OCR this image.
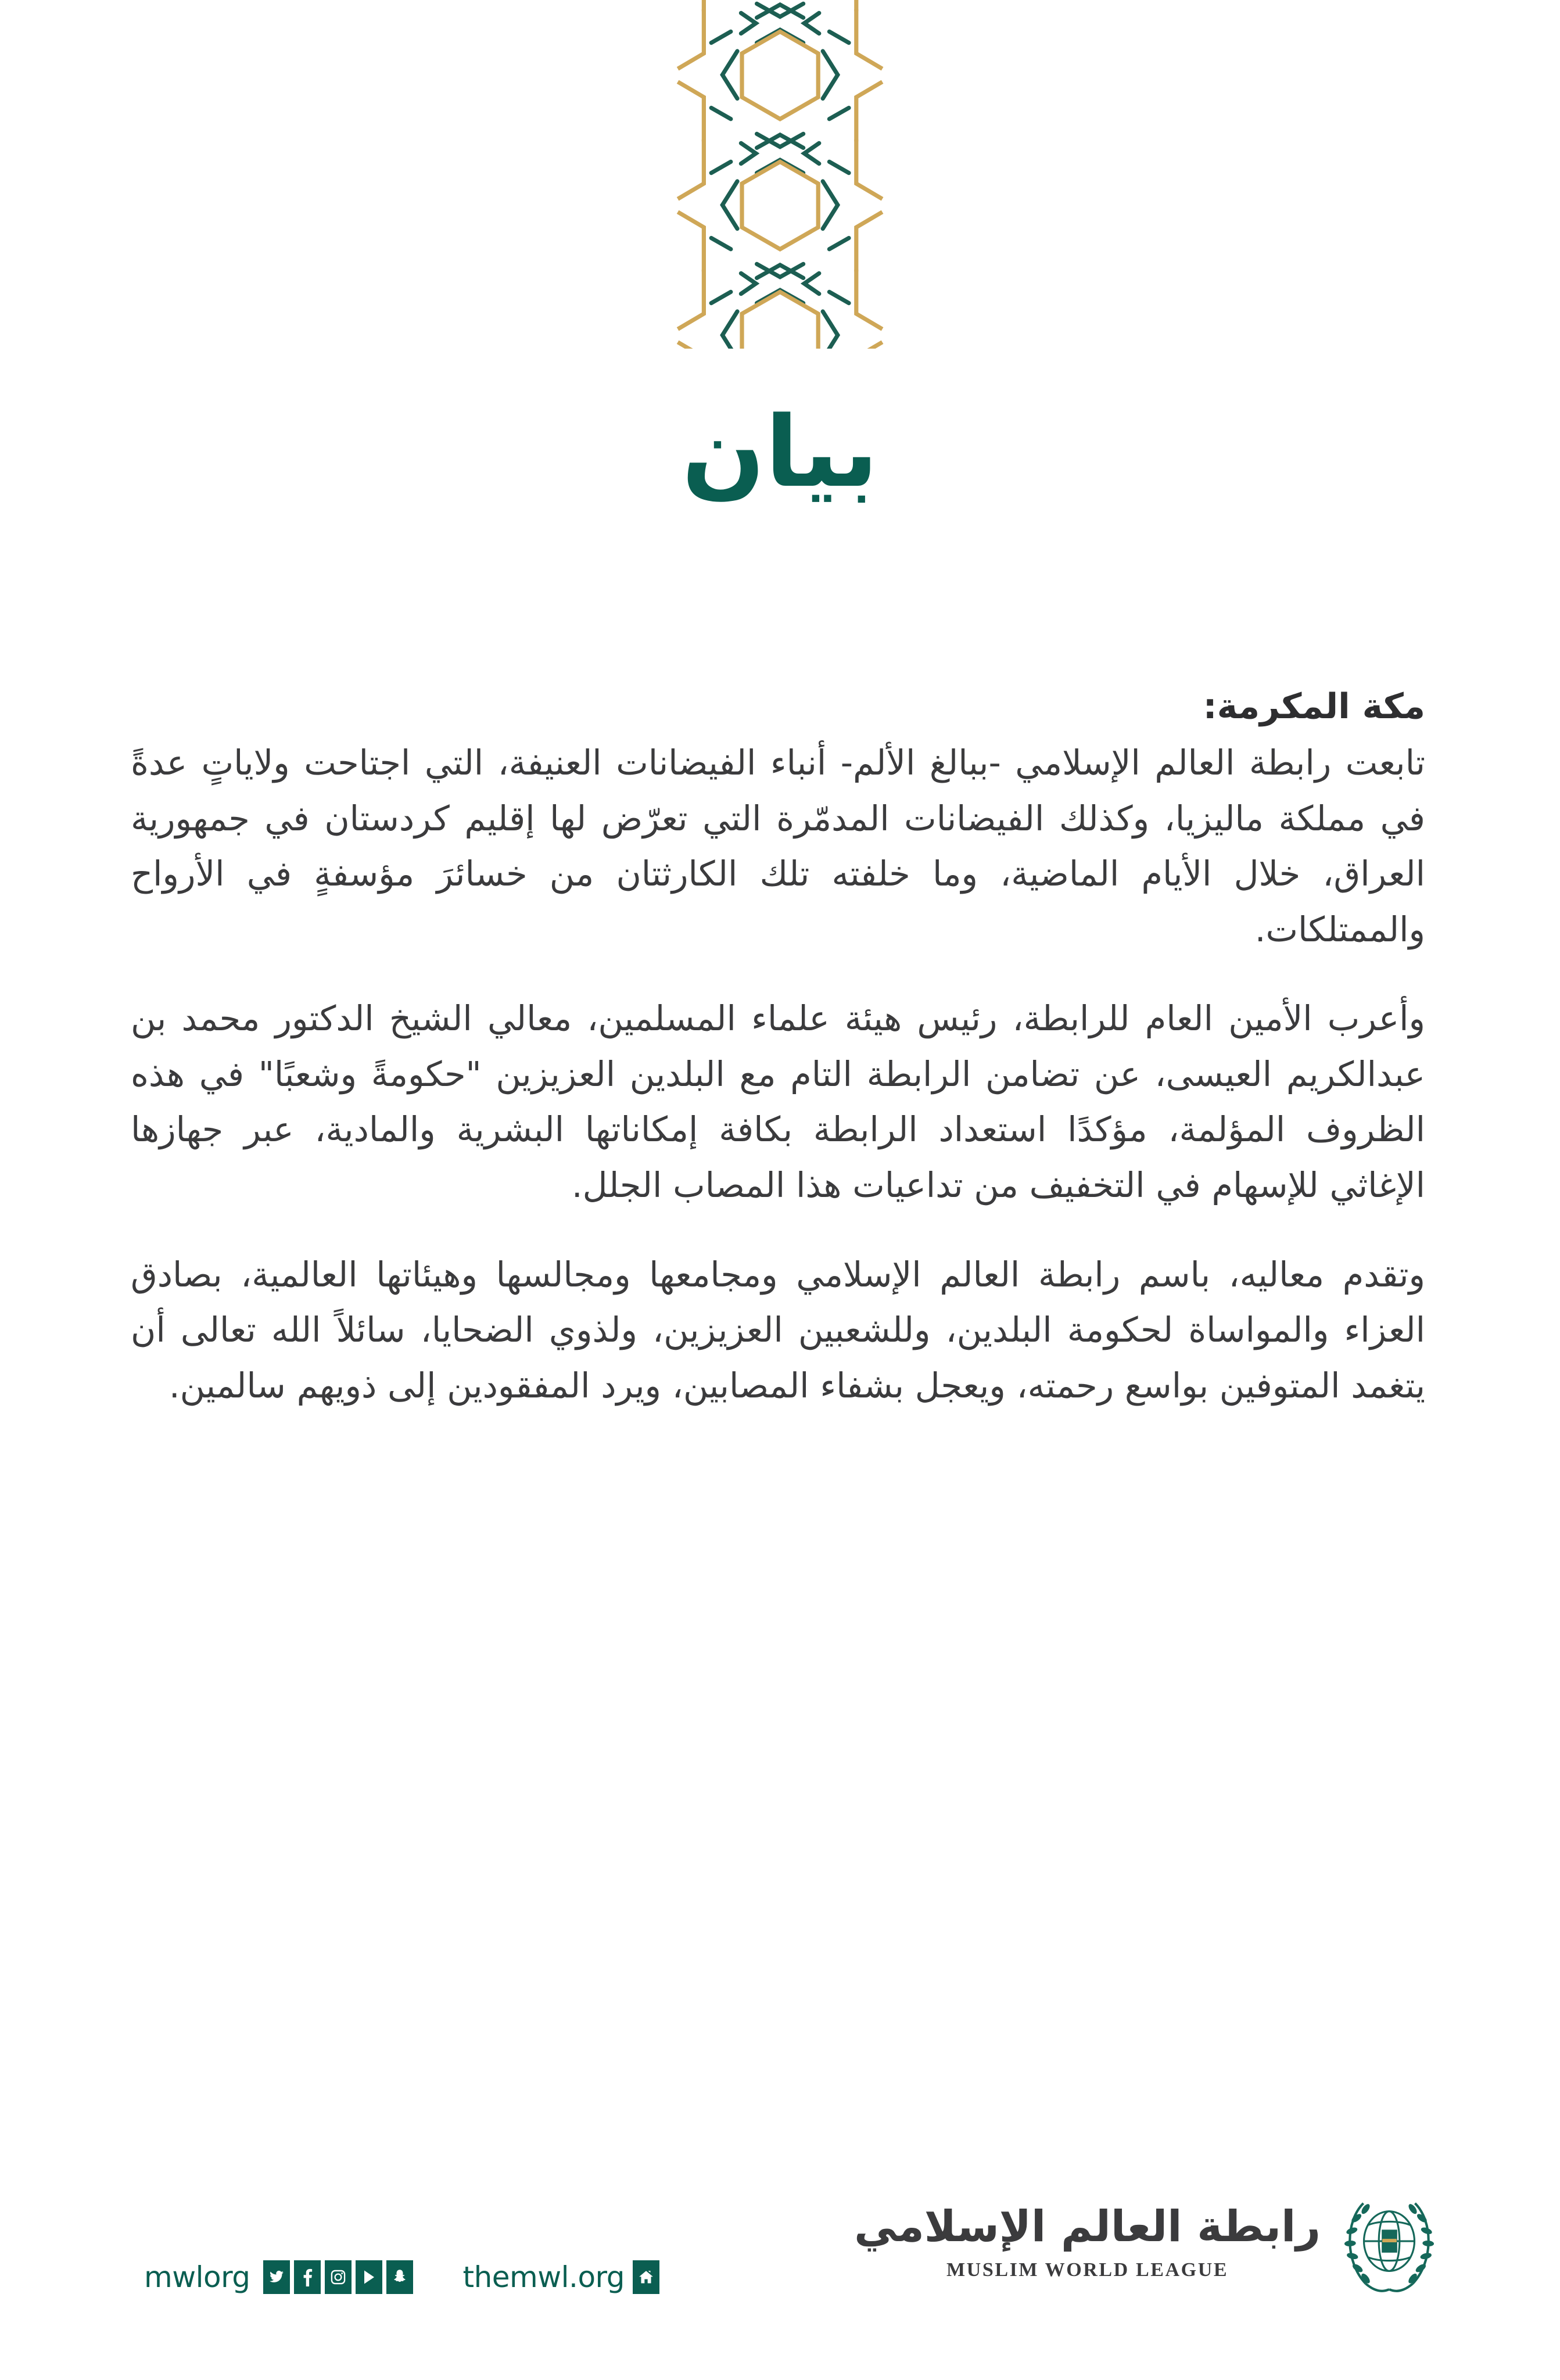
بيان
مكة المكرمة:

تابعت رابطة العالم الإسلامي -ببالغ الألم- أنباء الفيضانات العنيفة، التي اجتاحت ولاياتٍ عدةً في مملكة ماليزيا، وكذلك الفيضانات المدمّرة التي تعرّض لها إقليم كردستان في جمهورية العراق، خلال الأيام الماضية، وما خلفته تلك الكارثتان من خسائرَ مؤسفةٍ في الأرواح والممتلكات.

وأعرب الأمين العام للرابطة، رئيس هيئة علماء المسلمين، معالي الشيخ الدكتور محمد بن عبدالكريم العيسى، عن تضامن الرابطة التام مع البلدين العزيزين "حكومةً وشعبًا" في هذه الظروف المؤلمة، مؤكدًا استعداد الرابطة بكافة إمكاناتها البشرية والمادية، عبر جهازها الإغاثي للإسهام في التخفيف من تداعيات هذا المصاب الجلل.

وتقدم معاليه، باسم رابطة العالم الإسلامي ومجامعها ومجالسها وهيئاتها العالمية، بصادق العزاء والمواساة لحكومة البلدين، وللشعبين العزيزين، ولذوي الضحايا، سائلاً الله تعالى أن يتغمد المتوفين بواسع رحمته، ويعجل بشفاء المصابين، ويرد المفقودين إلى ذويهم سالمين.

mwlorg	themwl.org
رابطة العالم الإسلامي
MUSLIM WORLD LEAGUE
